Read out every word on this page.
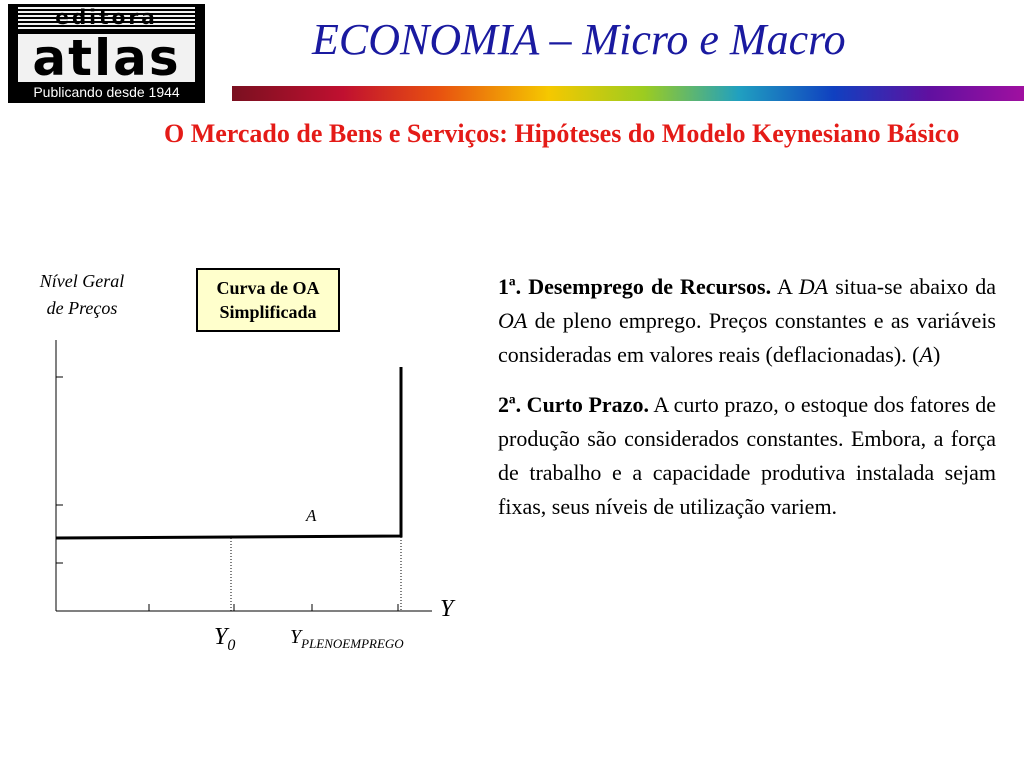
editora
atlas
Publicando desde 1944
ECONOMIA – Micro e Macro
O Mercado de Bens e Serviços: Hipóteses do Modelo Keynesiano Básico
Nível Geral
de Preços
Curva de OA
Simplificada
A
Y
$Y_0$	$Y_{PLENOEMPREGO}$

1ª. Desemprego de Recursos. A DA situa-se abaixo da OA de pleno emprego. Preços constantes e as variáveis consideradas em valores reais (deflacionadas). (A)

2ª. Curto Prazo. A curto prazo, o estoque dos fatores de produção são considerados constantes. Embora, a força de trabalho e a capacidade produtiva instalada sejam fixas, seus níveis de utilização variem.
